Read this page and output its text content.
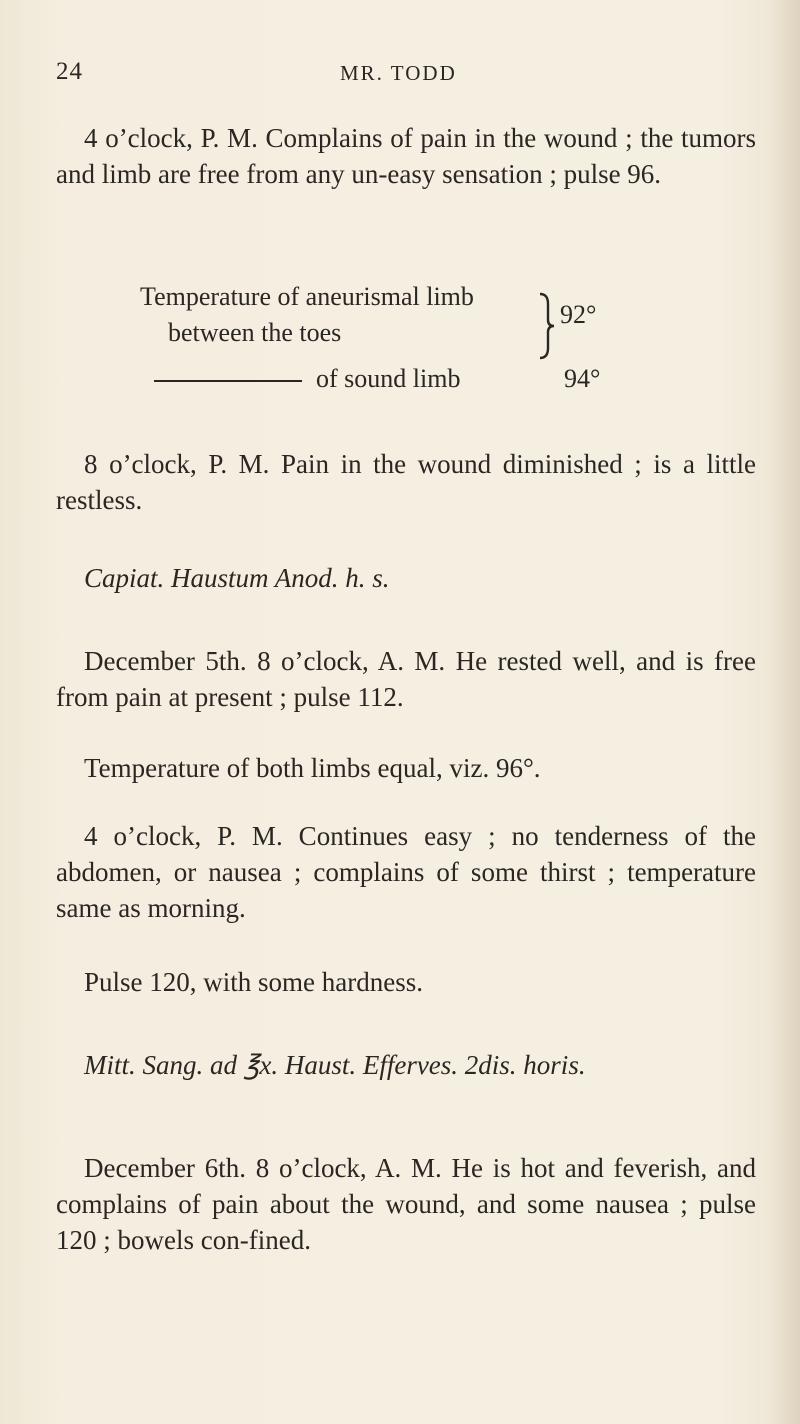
24	MR. TODD

4 o’clock, P. M. Complains of pain in the wound ; the tumors and limb are free from any un-easy sensation ; pulse 96.

Temperature of aneurismal limb
between the toes
92°
of sound limb	94°

8 o’clock, P. M. Pain in the wound diminished ; is a little restless.

Capiat. Haustum Anod. h. s.

December 5th. 8 o’clock, A. M. He rested well, and is free from pain at present ; pulse 112.

Temperature of both limbs equal, viz. 96°.

4 o’clock, P. M. Continues easy ; no tenderness of the abdomen, or nausea ; complains of some thirst ; temperature same as morning.

Pulse 120, with some hardness.

Mitt. Sang. ad ℥x. Haust. Efferves. 2dis. horis.

December 6th. 8 o’clock, A. M. He is hot and feverish, and complains of pain about the wound, and some nausea ; pulse 120 ; bowels con-fined.
